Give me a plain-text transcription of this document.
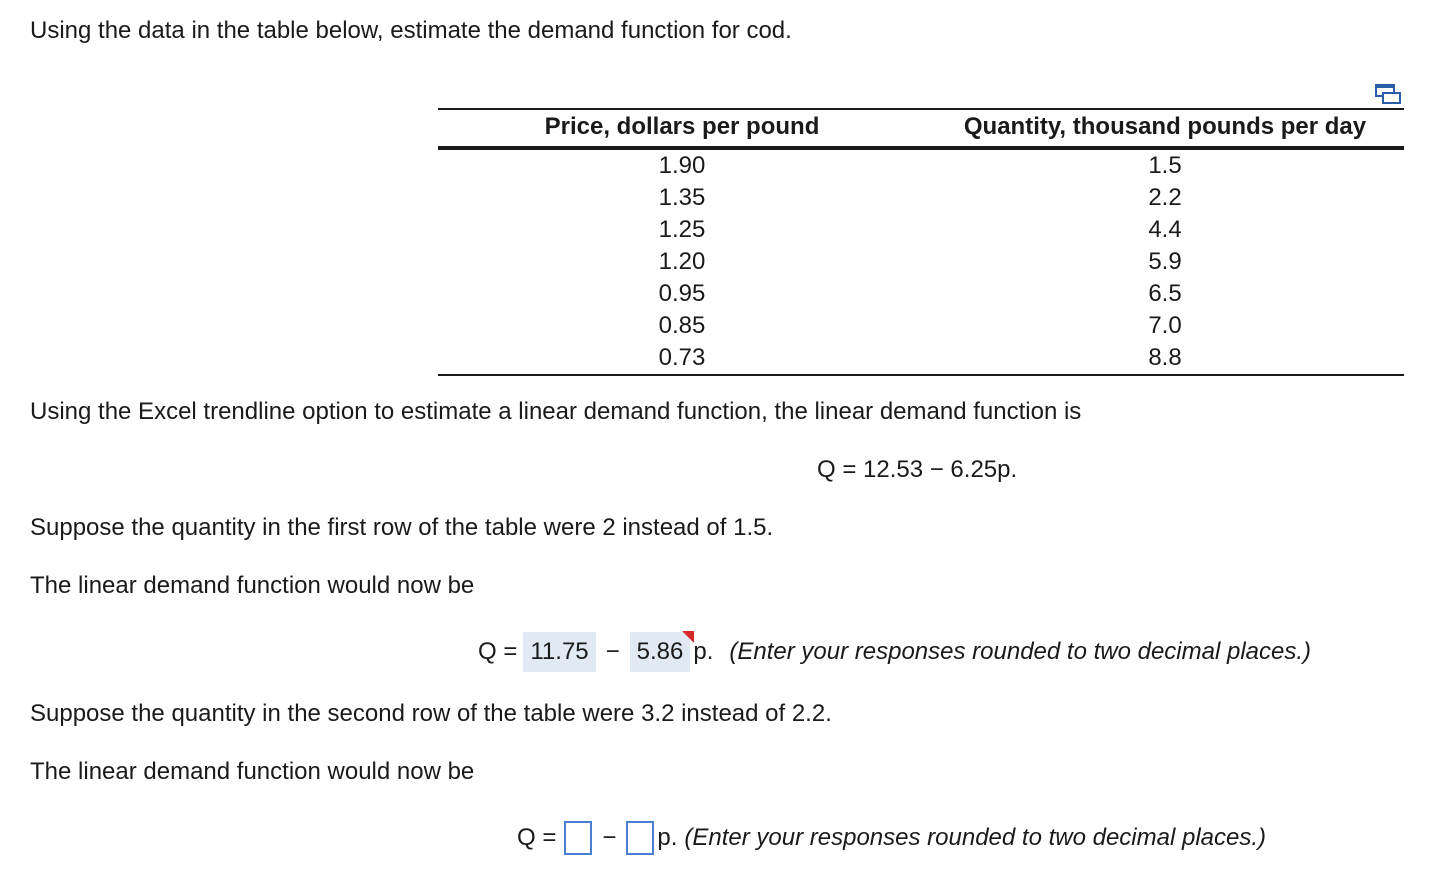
Using the data in the table below, estimate the demand function for cod.
Price, dollars per pound	Quantity, thousand pounds per day
1.90	1.5
1.35	2.2
1.25	4.4
1.20	5.9
0.95	6.5
0.85	7.0
0.73	8.8
Using the Excel trendline option to estimate a linear demand function, the linear demand function is
Q = 12.53 − 6.25p.
Suppose the quantity in the first row of the table were 2 instead of 1.5.
The linear demand function would now be
Q = 11.75 − 5.86 p. (Enter your responses rounded to two decimal places.)
Suppose the quantity in the second row of the table were 3.2 instead of 2.2.
The linear demand function would now be
Q = − p. (Enter your responses rounded to two decimal places.)
